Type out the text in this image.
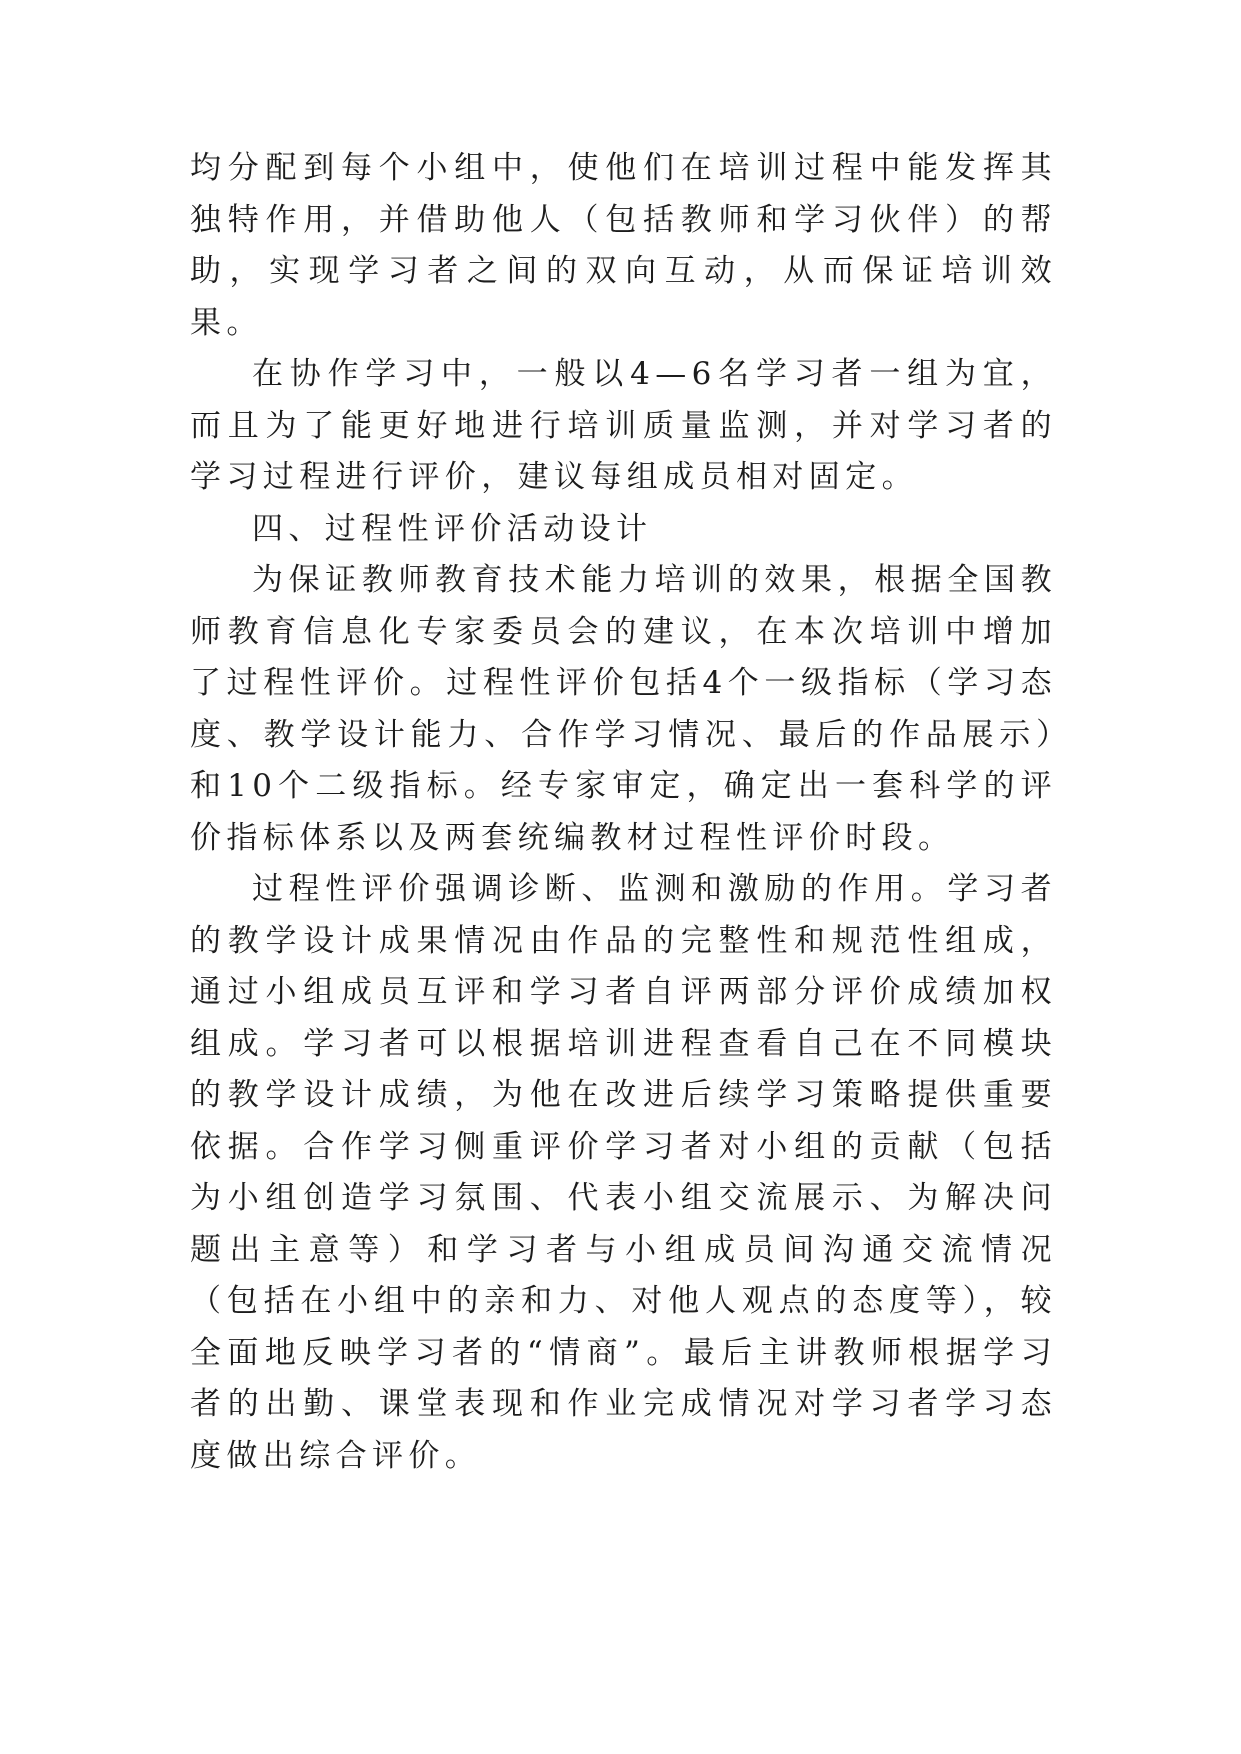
均分配到每个小组中，使他们在培训过程中能发挥其独特作用，并借助他人（包括教师和学习伙伴）的帮助，实现学习者之间的双向互动，从而保证培训效果。

在协作学习中，一般以4—6名学习者一组为宜，而且为了能更好地进行培训质量监测，并对学习者的学习过程进行评价，建议每组成员相对固定。

四、过程性评价活动设计

为保证教师教育技术能力培训的效果，根据全国教师教育信息化专家委员会的建议，在本次培训中增加了过程性评价。过程性评价包括4个一级指标（学习态度、教学设计能力、合作学习情况、最后的作品展示）和10个二级指标。经专家审定，确定出一套科学的评价指标体系以及两套统编教材过程性评价时段。

过程性评价强调诊断、监测和激励的作用。学习者的教学设计成果情况由作品的完整性和规范性组成，通过小组成员互评和学习者自评两部分评价成绩加权组成。学习者可以根据培训进程查看自己在不同模块的教学设计成绩，为他在改进后续学习策略提供重要依据。合作学习侧重评价学习者对小组的贡献（包括为小组创造学习氛围、代表小组交流展示、为解决问题出主意等）和学习者与小组成员间沟通交流情况（包括在小组中的亲和力、对他人观点的态度等），较全面地反映学习者的“情商”。最后主讲教师根据学习者的出勤、课堂表现和作业完成情况对学习者学习态度做出综合评价。
